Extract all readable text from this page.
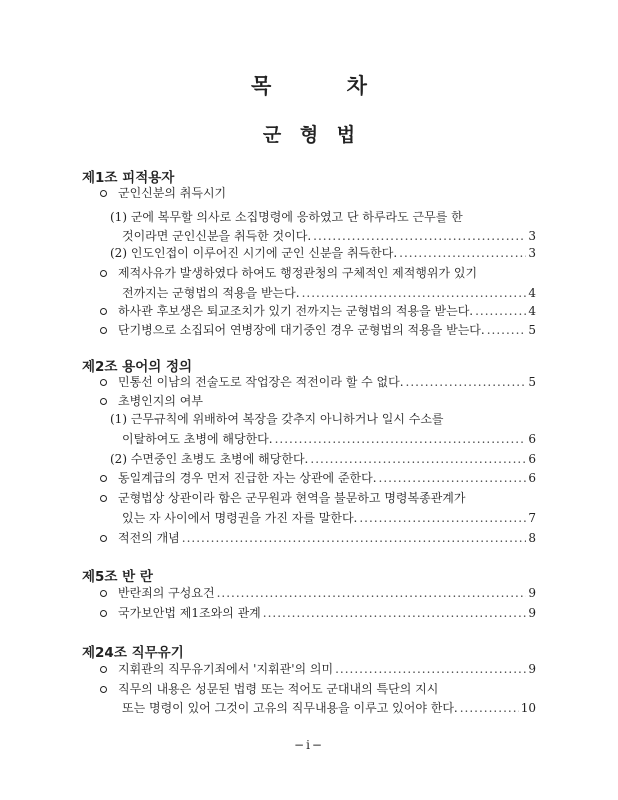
목 차
군 형 법
제1조 피적용자
군인신분의 취득시기
(1) 군에 복무할 의사로 소집명령에 응하였고 단 하루라도 근무를 한
것이라면 군인신분을 취득한 것이다. .....	3
(2) 인도인접이 이루어진 시기에 군인 신분을 취득한다. .....	3
제적사유가 발생하였다 하여도 행정관청의 구체적인 제적행위가 있기
전까지는 군형법의 적용을 받는다. .....	4
하사관 후보생은 퇴교조치가 있기 전까지는 군형법의 적용을 받는다. .....	4
단기병으로 소집되어 연병장에 대기중인 경우 군형법의 적용을 받는다. .....	5
제2조 용어의 정의
민통선 이남의 전술도로 작업장은 적전이라 할 수 없다. .....	5
초병인지의 여부
(1) 근무규칙에 위배하여 복장을 갖추지 아니하거나 일시 수소를
이탈하여도 초병에 해당한다. .....	6
(2) 수면중인 초병도 초병에 해당한다. .....	6
동일계급의 경우 먼저 진급한 자는 상관에 준한다. .....	6
군형법상 상관이라 함은 군무원과 현역을 불문하고 명령복종관계가
있는 자 사이에서 명령권을 가진 자를 말한다. .....	7
적전의 개념 .....	8
제5조 반 란
반란죄의 구성요건 .....	9
국가보안법 제1조와의 관계 .....	9
제24조 직무유기
지휘관의 직무유기죄에서 '지휘관'의 의미 .....	9
직무의 내용은 성문된 법령 또는 적어도 군대내의 특단의 지시
또는 명령이 있어 그것이 고유의 직무내용을 이루고 있어야 한다. .....	10
−i−
